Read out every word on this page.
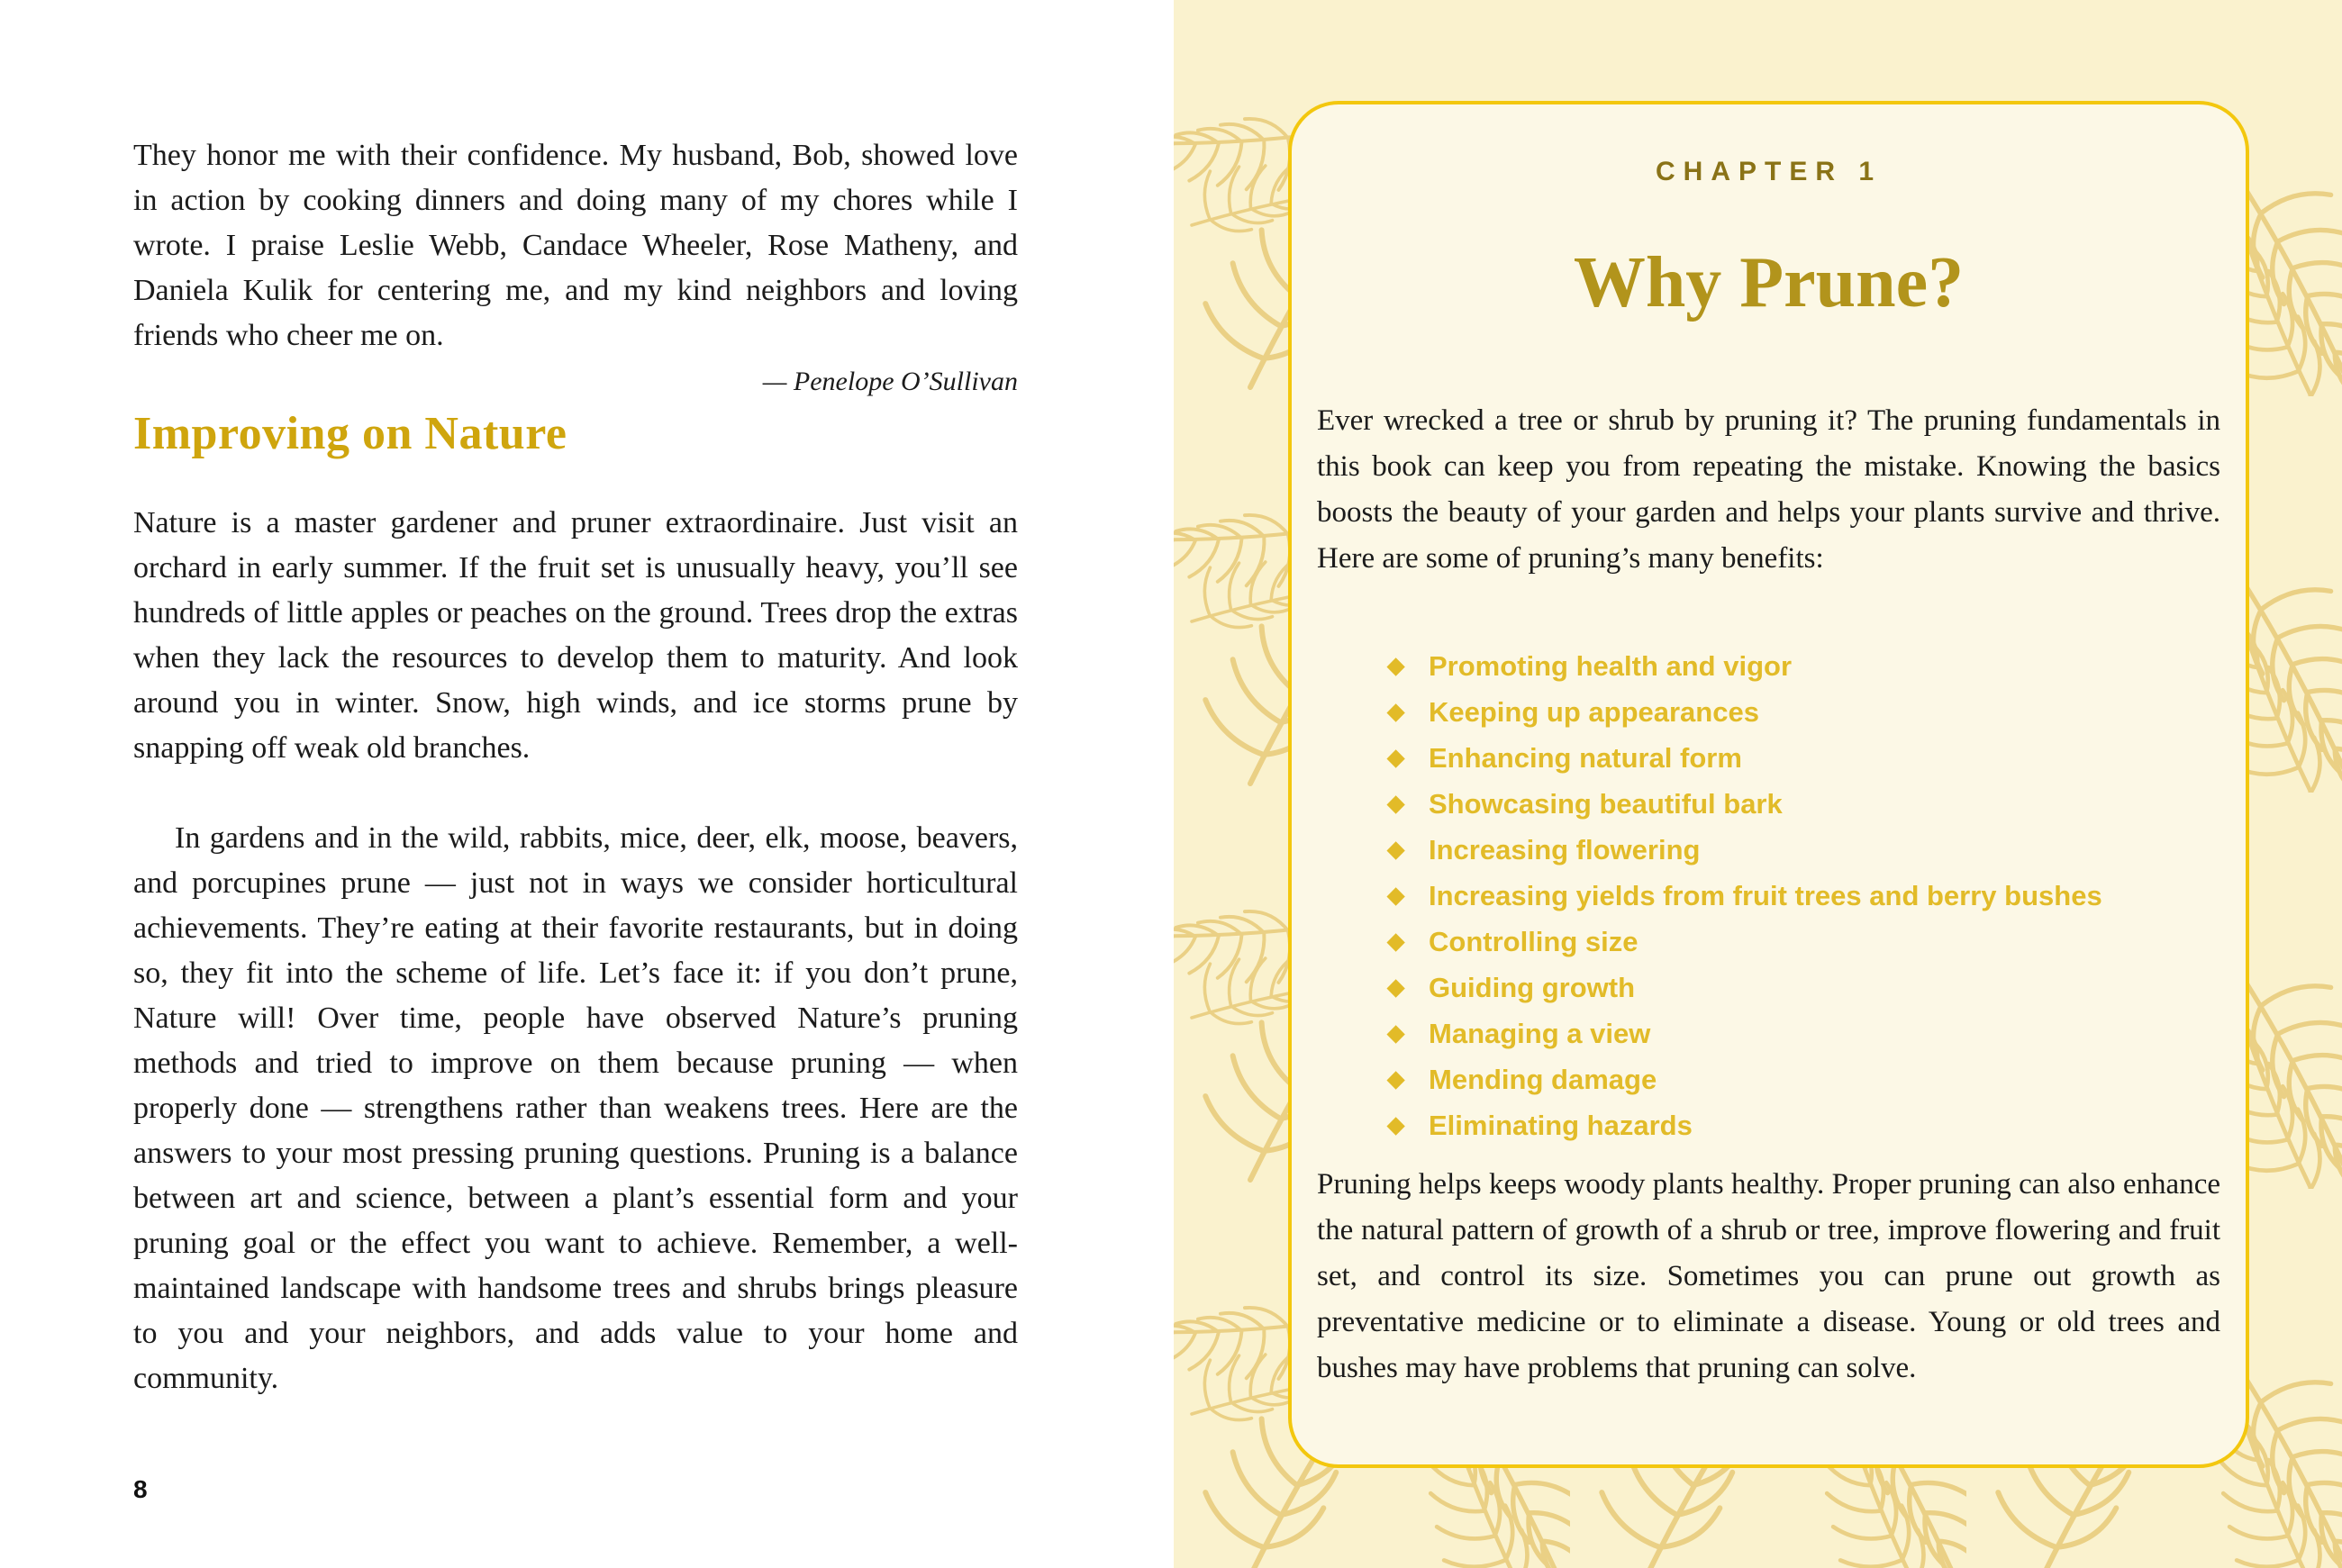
They honor me with their confidence. My husband, Bob, showed love in action by cooking dinners and doing many of my chores while I wrote. I praise Leslie Webb, Candace Wheeler, Rose Matheny, and Daniela Kulik for centering me, and my kind neighbors and loving friends who cheer me on.

— Penelope O’Sullivan

Improving on Nature

Nature is a master gardener and pruner extraordinaire. Just visit an orchard in early summer. If the fruit set is unusually heavy, you’ll see hundreds of little apples or peaches on the ground. Trees drop the extras when they lack the resources to develop them to maturity. And look around you in winter. Snow, high winds, and ice storms prune by snapping off weak old branches.

In gardens and in the wild, rabbits, mice, deer, elk, moose, beavers, and porcupines prune — just not in ways we consider horticultural achievements. They’re eating at their favorite restaurants, but in doing so, they fit into the scheme of life. Let’s face it: if you don’t prune, Nature will! Over time, people have observed Nature’s pruning methods and tried to improve on them because pruning — when properly done — strengthens rather than weakens trees. Here are the answers to your most pressing pruning questions. Pruning is a balance between art and science, between a plant’s essential form and your pruning goal or the effect you want to achieve. Remember, a well-maintained landscape with handsome trees and shrubs brings pleasure to you and your neighbors, and adds value to your home and community.

8

CHAPTER 1

Why Prune?

Ever wrecked a tree or shrub by pruning it? The pruning fundamentals in this book can keep you from repeating the mistake. Knowing the basics boosts the beauty of your garden and helps your plants survive and thrive. Here are some of pruning’s many benefits:

◆ Promoting health and vigor
◆ Keeping up appearances
◆ Enhancing natural form
◆ Showcasing beautiful bark
◆ Increasing flowering
◆ Increasing yields from fruit trees and berry bushes
◆ Controlling size
◆ Guiding growth
◆ Managing a view
◆ Mending damage
◆ Eliminating hazards

Pruning helps keeps woody plants healthy. Proper pruning can also enhance the natural pattern of growth of a shrub or tree, improve flowering and fruit set, and control its size. Sometimes you can prune out growth as preventative medicine or to eliminate a disease. Young or old trees and bushes may have problems that pruning can solve.
